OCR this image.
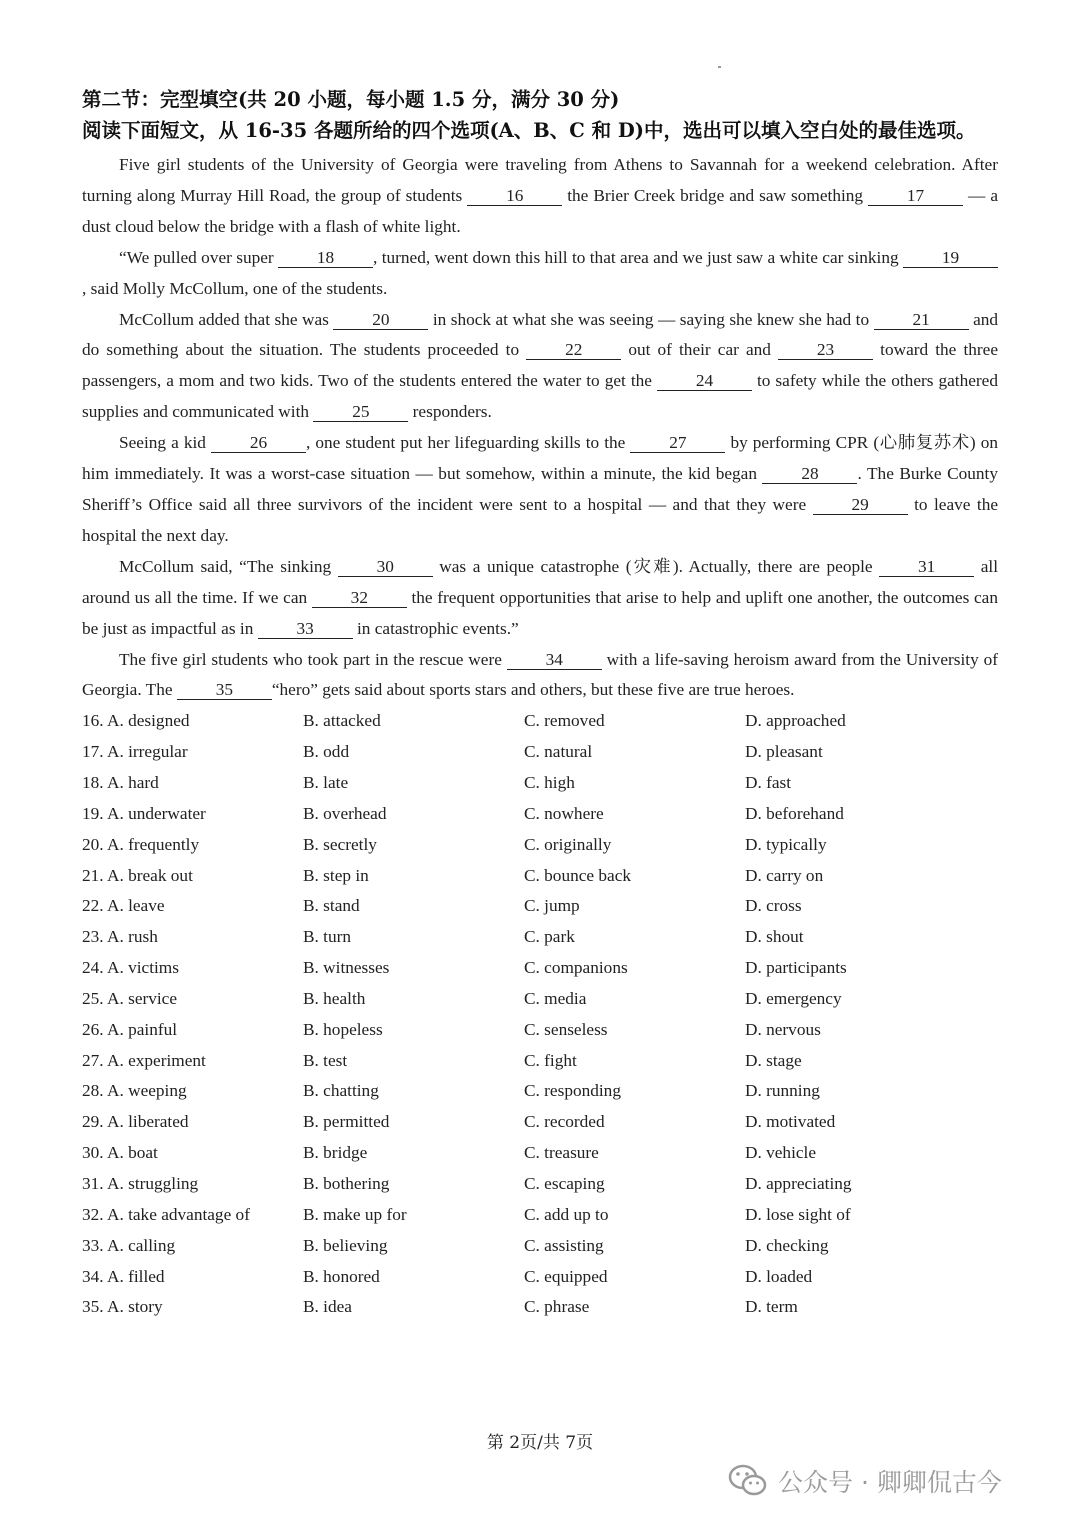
第二节：完型填空(共 20 小题，每小题 1.5 分，满分 30 分)
阅读下面短文，从 16-35 各题所给的四个选项(A、B、C 和 D)中，选出可以填入空白处的最佳选项。

Five girl students of the University of Georgia were traveling from Athens to Savannah for a weekend celebration. After turning along Murray Hill Road, the group of students 16 the Brier Creek bridge and saw something 17 — a dust cloud below the bridge with a flash of white light.

“We pulled over super 18 , turned, went down this hill to that area and we just saw a white car sinking 19, said Molly McCollum, one of the students.

McCollum added that she was 20 in shock at what she was seeing — saying she knew she had to 21 and do something about the situation. The students proceeded to 22 out of their car and 23 toward the three passengers, a mom and two kids. Two of the students entered the water to get the 24 to safety while the others gathered supplies and communicated with 25 responders.

Seeing a kid 26 , one student put her lifeguarding skills to the 27 by performing CPR (心肺复苏术) on him immediately. It was a worst-case situation — but somehow, within a minute, the kid began 28 . The Burke County Sheriff’s Office said all three survivors of the incident were sent to a hospital — and that they were 29 to leave the hospital the next day.

McCollum said, “The sinking 30 was a unique catastrophe (灾难). Actually, there are people 31 all around us all the time. If we can 32 the frequent opportunities that arise to help and uplift one another, the outcomes can be just as impactful as in 33 in catastrophic events.”

The five girl students who took part in the rescue were 34 with a life-saving heroism award from the University of Georgia. The 35 “hero” gets said about sports stars and others, but these five are true heroes.

16. A. designed	B. attacked	C. removed	D. approached
17. A. irregular	B. odd	C. natural	D. pleasant
18. A. hard	B. late	C. high	D. fast
19. A. underwater	B. overhead	C. nowhere	D. beforehand
20. A. frequently	B. secretly	C. originally	D. typically
21. A. break out	B. step in	C. bounce back	D. carry on
22. A. leave	B. stand	C. jump	D. cross
23. A. rush	B. turn	C. park	D. shout
24. A. victims	B. witnesses	C. companions	D. participants
25. A. service	B. health	C. media	D. emergency
26. A. painful	B. hopeless	C. senseless	D. nervous
27. A. experiment	B. test	C. fight	D. stage
28. A. weeping	B. chatting	C. responding	D. running
29. A. liberated	B. permitted	C. recorded	D. motivated
30. A. boat	B. bridge	C. treasure	D. vehicle
31. A. struggling	B. bothering	C. escaping	D. appreciating
32. A. take advantage of	B. make up for	C. add up to	D. lose sight of
33. A. calling	B. believing	C. assisting	D. checking
34. A. filled	B. honored	C. equipped	D. loaded
35. A. story	B. idea	C. phrase	D. term
第 2页/共 7页
公众号 · 卿卿侃古今
